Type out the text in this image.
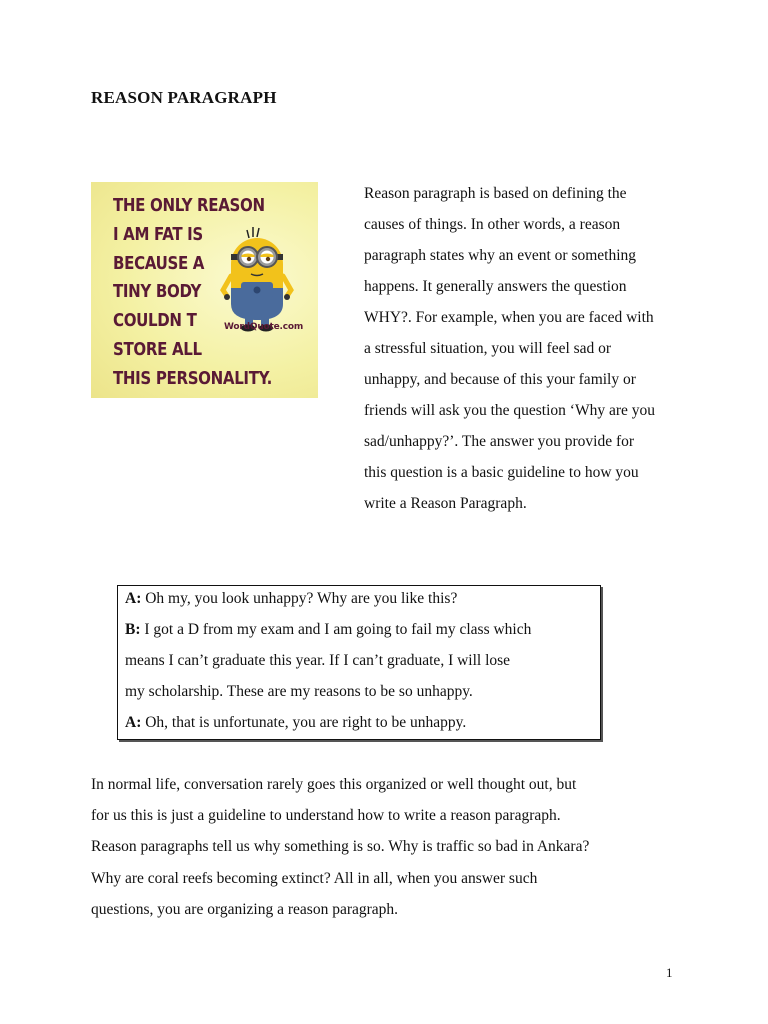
REASON PARAGRAPH
THE ONLY REASON
I AM FAT IS
BECAUSE A
TINY BODY
COULDN T
STORE ALL
THIS PERSONALITY.
WordQuote.com

Reason paragraph is based on defining the
causes of things. In other words, a reason
paragraph states why an event or something
happens. It generally answers the question
WHY?. For example, when you are faced with
a stressful situation, you will feel sad or
unhappy, and because of this your family or
friends will ask you the question ‘Why are you
sad/unhappy?’. The answer you provide for
this question is a basic guideline to how you
write a Reason Paragraph.

A: Oh my, you look unhappy? Why are you like this?
B: I got a D from my exam and I am going to fail my class which
means I can’t graduate this year. If I can’t graduate, I will lose
my scholarship. These are my reasons to be so unhappy.
A: Oh, that is unfortunate, you are right to be unhappy.

In normal life, conversation rarely goes this organized or well thought out, but
for us this is just a guideline to understand how to write a reason paragraph.
Reason paragraphs tell us why something is so. Why is traffic so bad in Ankara?
Why are coral reefs becoming extinct? All in all, when you answer such
questions, you are organizing a reason paragraph.

1
